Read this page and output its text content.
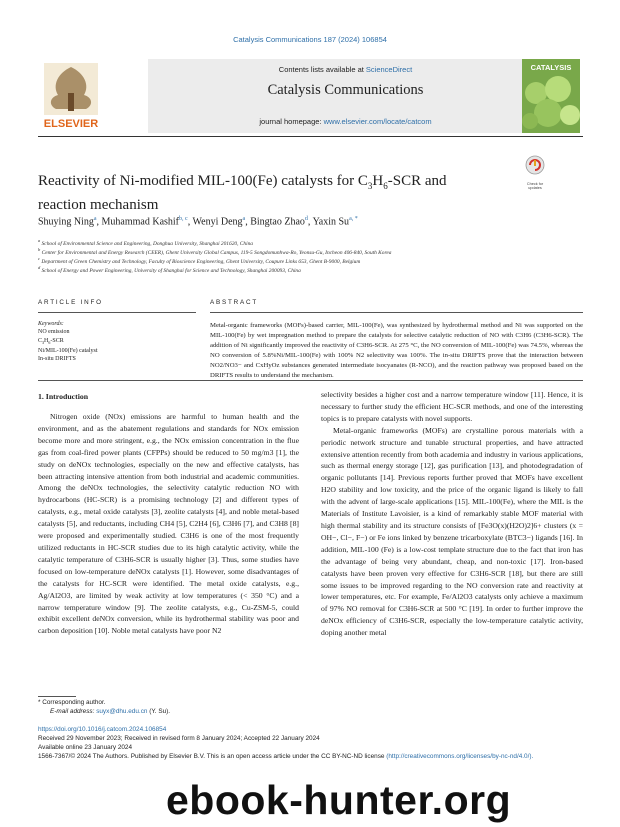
Catalysis Communications 187 (2024) 106854
ELSEVIER
Contents lists available at ScienceDirect
Catalysis Communications
journal homepage: www.elsevier.com/locate/catcom
CATALYSIS
Check for updates
Reactivity of Ni-modified MIL-100(Fe) catalysts for $C_3H_6$-SCR and reaction mechanism
Shuying Ning$^a$, Muhammad Kashif$^{b, c}$, Wenyi Deng$^a$, Bingtao Zhao$^d$, Yaxin $Su^{a, *}$
$^a$ School of Environmental Science and Engineering, Donghua University, Shanghai 201620, China
$^b$ Center for Environmental and Energy Research (CEER), Ghent University Global Campus, 119-5 Songdomunhwa-Ro, Yeonsu-Gu, Incheon 406-840, South Korea
$^c$ Department of Green Chemistry and Technology, Faculty of Bioscience Engineering, Ghent University, Coupure Links 653, Ghent B-9000, Belgium
$^d$ School of Energy and Power Engineering, University of Shanghai for Science and Technology, Shanghai 200093, China
ARTICLE INFO	ABSTRACT
Keywords:
NO emission
$C_3H_6$-SCR
Ni/MIL-100(Fe) catalyst
In-situ DRIFTS
Metal-organic frameworks (MOFs)-based carrier, MIL-100(Fe), was synthesized by hydrothermal method and Ni was supported on the MIL-100(Fe) by wet impregnation method to prepare the catalysts for selective catalytic reduction of NO with C3H6 (C3H6-SCR). The addition of Ni significantly improved the reactivity of C3H6-SCR. At 275 °C, the NO conversion of MIL-100(Fe) was 74.5%, whereas the NO conversion of 5.8%Ni/MIL-100(Fe) with 100% N2 selectivity was 100%. The in-situ DRIFTS prove that the interaction between NO2/NO3− and CxHyOz substances generated intermediate isocyanates (R-NCO), and the reaction pathway was proposed based on the DRIFTS results to understand the mechanism.
1. Introduction

Nitrogen oxide (NOx) emissions are harmful to human health and the environment, and as the abatement regulations and standards for NOx emission become more and more stringent, e.g., the NOx emission concentration in the flue gas from coal-fired power plants (CFPPs) should be reduced to 50 mg/m3 [1], the study on deNOx technologies, especially on the new and effective catalysts, has been attracting intensive attention from both industrial and academic communities. Among the deNOx technologies, the selectivity catalytic reduction NO with hydrocarbons (HC-SCR) is a promising technology [2] and different types of catalysts, e.g., metal oxide catalysts [3], zeolite catalysts [4], and noble metal-based catalysts [5], and reductants, including CH4 [5], C2H4 [6], C3H6 [7], and C3H8 [8] were proposed and experimentally studied. C3H6 is one of the most frequently utilized reductants in HC-SCR studies due to its high catalytic activity, while the catalytic temperature of C3H6-SCR is usually higher [3]. Thus, some studies have focused on low-temperature deNOx catalysts [1]. However, some disadvantages of the catalysts for HC-SCR were identified. The metal oxide catalysts, e.g., Ag/Al2O3, are limited by weak activity at low temperatures (< 350 °C) and a narrow temperature window [9]. The zeolite catalysts, e.g., Cu-ZSM-5, could exhibit excellent deNOx conversion, while its hydrothermal stability was poor and carbon deposition [10]. Noble metal catalysts have poor N2

selectivity besides a higher cost and a narrow temperature window [11]. Hence, it is necessary to further study the efficient HC-SCR methods, and one of the interesting topics is to prepare catalysts with novel supports.

Metal-organic frameworks (MOFs) are crystalline porous materials with a periodic network structure and tunable structural properties, and have attracted extensive attention recently from both academia and industry in various applications, such as thermal energy storage [12], gas purification [13], and photodegradation of organic pollutants [14]. Previous reports further proved that MOFs have excellent H2O stability and low toxicity, and the price of the organic ligand is likely to fall with the advent of large-scale applications [15]. MIL-100(Fe), where the MIL is the Materials of Institute Lavoisier, is a kind of remarkably stable MOF material with high thermal stability and its structure consists of [Fe3O(x)(H2O)2]6+ clusters (x = OH−, Cl−, F−) or Fe ions linked by benzene tricarboxylate (BTC3−) ligands [16]. In addition, MIL-100 (Fe) is a low-cost template structure due to the fact that iron has the advantage of being very abundant, cheap, and non-toxic [17]. Iron-based catalysts have been proven very effective for C3H6-SCR [18], but there are still some issues to be improved regarding to the NO conversion rate and reactivity at lower temperatures, etc. For example, Fe/Al2O3 catalysts only achieve a maximum of 97% NO removal for C3H6-SCR at 500 °C [19]. In order to further improve the deNOx efficiency of C3H6-SCR, especially the low-temperature catalytic activity, doping another metal

* Corresponding author.
E-mail address: suyx@dhu.edu.cn (Y. Su).
https://doi.org/10.1016/j.catcom.2024.106854
Received 29 November 2023; Received in revised form 8 January 2024; Accepted 22 January 2024
Available online 23 January 2024
1566-7367/© 2024 The Authors. Published by Elsevier B.V. This is an open access article under the CC BY-NC-ND license (http://creativecommons.org/licenses/by-nc-nd/4.0/).
ebook-hunter.org
